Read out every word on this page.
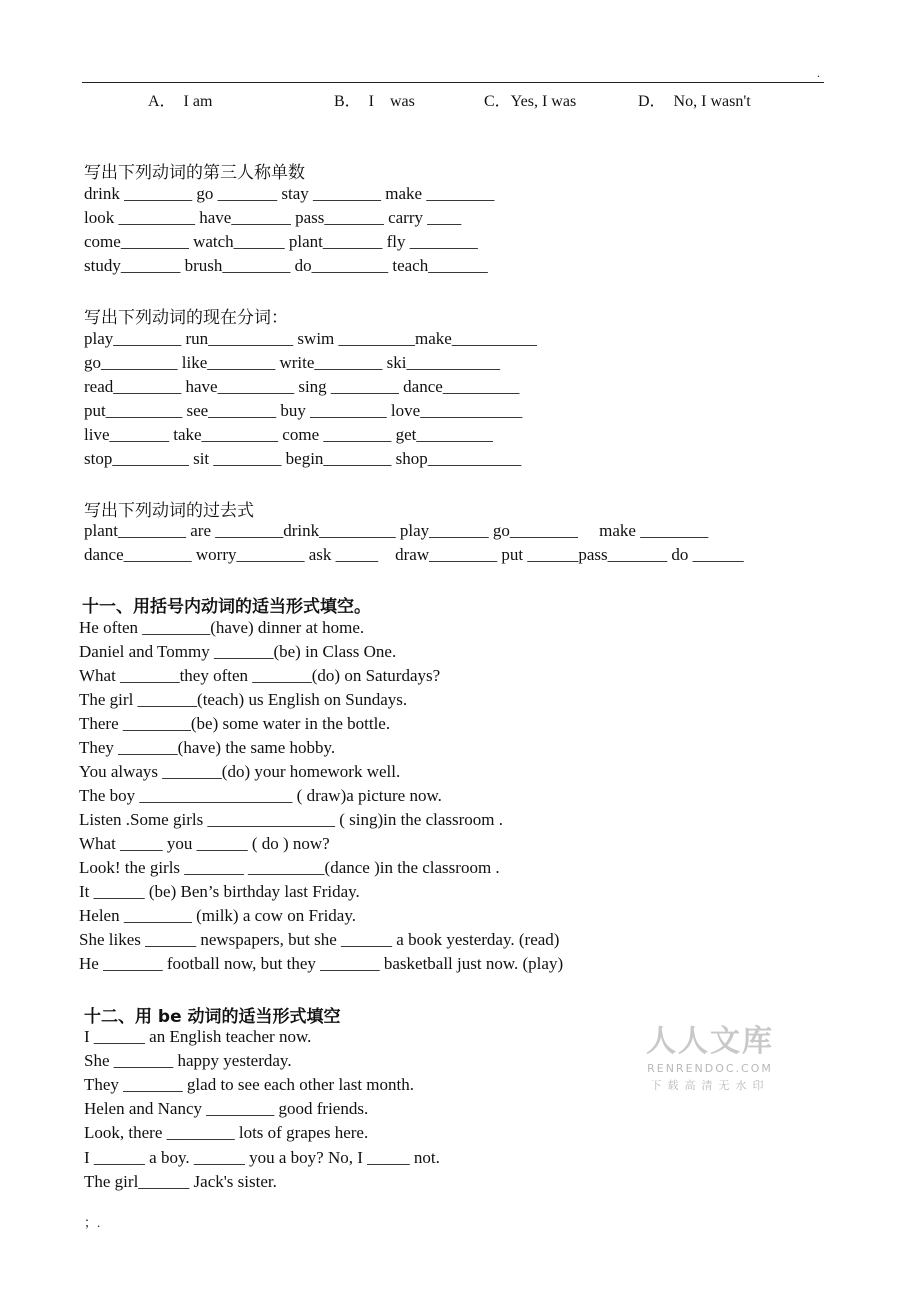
.
A．  I am	B．  I    was	C．Yes, I was	D．  No, I wasn't
写出下列动词的第三人称单数
drink ________ go _______ stay ________ make ________
look _________ have_______ pass_______ carry ____
come________ watch______ plant_______ fly ________
study_______ brush________ do_________ teach_______
写出下列动词的现在分词：
play________ run__________ swim _________make__________
go_________ like________ write________ ski___________
read________ have_________ sing ________ dance_________
put_________ see________ buy _________ love____________
live_______ take_________ come ________ get_________
stop_________ sit ________ begin________ shop___________
写出下列动词的过去式
plant________ are ________drink_________ play_______ go________     make ________
dance________ worry________ ask _____    draw________ put ______pass_______ do ______
十一、用括号内动词的适当形式填空。
He often ________(have) dinner at home.
Daniel and Tommy _______(be) in Class One.
What _______they often _______(do) on Saturdays?
The girl _______(teach) us English on Sundays.
There ________(be) some water in the bottle.
They _______(have) the same hobby.
You always _______(do) your homework well.
The boy __________________ ( draw)a picture now.
Listen .Some girls _______________ ( sing)in the classroom .
What _____ you ______ ( do ) now?
Look! the girls _______ _________(dance )in the classroom .
It ______ (be) Ben’s birthday last Friday.
Helen ________ (milk) a cow on Friday.
She likes ______ newspapers, but she ______ a book yesterday. (read)
He _______ football now, but they _______ basketball just now. (play)
十二、用 be 动词的适当形式填空
I ______ an English teacher now.
She _______ happy yesterday.
They _______ glad to see each other last month.
Helen and Nancy ________ good friends.
Look, there ________ lots of grapes here.
I ______ a boy. ______ you a boy? No, I _____ not.
The girl______ Jack's sister.
人人文库
RENRENDOC.COM
下载高清无水印
；.
